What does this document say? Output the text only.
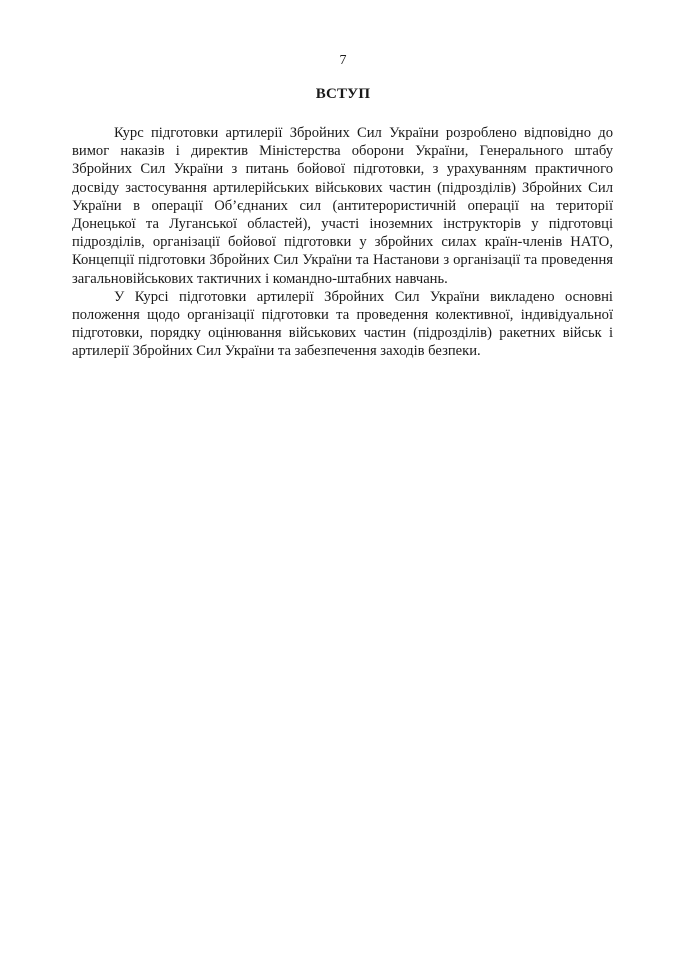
7
ВСТУП

Курс підготовки артилерії Збройних Сил України розроблено відповідно до вимог наказів і директив Міністерства оборони України, Генерального штабу Збройних Сил України з питань бойової підготовки, з урахуванням практичного досвіду застосування артилерійських військових частин (підрозділів) Збройних Сил України в операції Об’єднаних сил (антитерористичній операції на території Донецької та Луганської областей), участі іноземних інструкторів у підготовці підрозділів, організації бойової підготовки у збройних силах країн-членів НАТО, Концепції підготовки Збройних Сил України та Настанови з організації та проведення загальновійськових тактичних і командно-штабних навчань.

У Курсі підготовки артилерії Збройних Сил України викладено основні положення щодо організації підготовки та проведення колективної, індивідуальної підготовки, порядку оцінювання військових частин (підрозділів) ракетних військ і артилерії Збройних Сил України та забезпечення заходів безпеки.
